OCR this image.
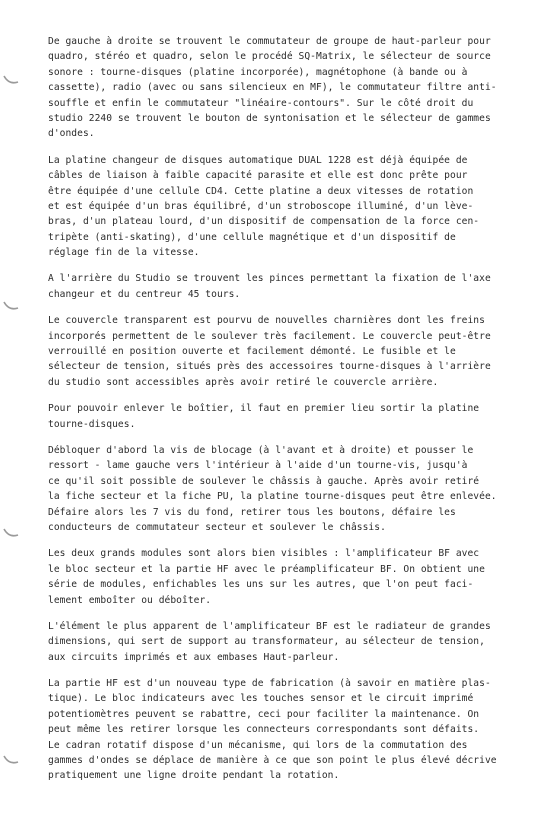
De gauche à droite se trouvent le commutateur de groupe de haut-parleur pour
quadro, stéréo et quadro, selon le procédé SQ-Matrix, le sélecteur de source
sonore : tourne-disques (platine incorporée), magnétophone (à bande ou à
cassette), radio (avec ou sans silencieux en MF), le commutateur filtre anti-
souffle et enfin le commutateur "linéaire-contours". Sur le côté droit du
studio 2240 se trouvent le bouton de syntonisation et le sélecteur de gammes
d'ondes.

La platine changeur de disques automatique DUAL 1228 est déjà équipée de
câbles de liaison à faible capacité parasite et elle est donc prête pour
être équipée d'une cellule CD4. Cette platine a deux vitesses de rotation
et est équipée d'un bras équilibré, d'un stroboscope illuminé, d'un lève-
bras, d'un plateau lourd, d'un dispositif de compensation de la force cen-
tripète (anti-skating), d'une cellule magnétique et d'un dispositif de
réglage fin de la vitesse.

A l'arrière du Studio se trouvent les pinces permettant la fixation de l'axe
changeur et du centreur 45 tours.

Le couvercle transparent est pourvu de nouvelles charnières dont les freins
incorporés permettent de le soulever très facilement. Le couvercle peut-être
verrouillé en position ouverte et facilement démonté. Le fusible et le
sélecteur de tension, situés près des accessoires tourne-disques à l'arrière
du studio sont accessibles après avoir retiré le couvercle arrière.

Pour pouvoir enlever le boîtier, il faut en premier lieu sortir la platine
tourne-disques.

Débloquer d'abord la vis de blocage (à l'avant et à droite) et pousser le
ressort - lame gauche vers l'intérieur à l'aide d'un tourne-vis, jusqu'à
ce qu'il soit possible de soulever le châssis à gauche. Après avoir retiré
la fiche secteur et la fiche PU, la platine tourne-disques peut être enlevée.
Défaire alors les 7 vis du fond, retirer tous les boutons, défaire les
conducteurs de commutateur secteur et soulever le châssis.

Les deux grands modules sont alors bien visibles : l'amplificateur BF avec
le bloc secteur et la partie HF avec le préamplificateur BF. On obtient une
série de modules, enfichables les uns sur les autres, que l'on peut faci-
lement emboîter ou déboîter.

L'élément le plus apparent de l'amplificateur BF est le radiateur de grandes
dimensions, qui sert de support au transformateur, au sélecteur de tension,
aux circuits imprimés et aux embases Haut-parleur.

La partie HF est d'un nouveau type de fabrication (à savoir en matière plas-
tique). Le bloc indicateurs avec les touches sensor et le circuit imprimé
potentiomètres peuvent se rabattre, ceci pour faciliter la maintenance. On
peut même les retirer lorsque les connecteurs correspondants sont défaits.
Le cadran rotatif dispose d'un mécanisme, qui lors de la commutation des
gammes d'ondes se déplace de manière à ce que son point le plus élevé décrive
pratiquement une ligne droite pendant la rotation.
